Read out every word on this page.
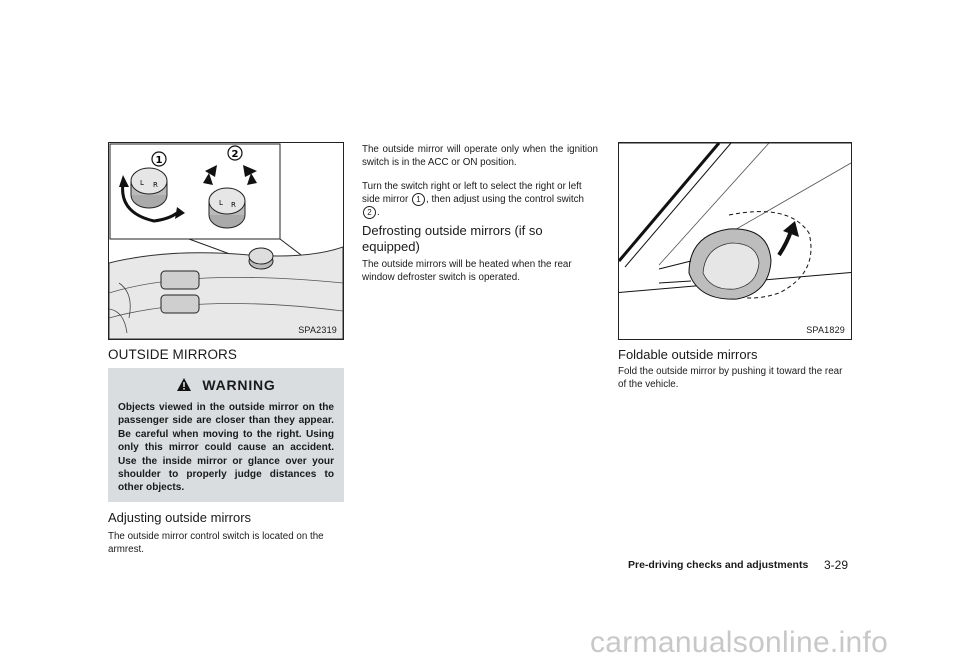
L R
L R
1
2
SPA2319
OUTSIDE MIRRORS
WARNING
Objects viewed in the outside mirror on the passenger side are closer than they appear. Be careful when moving to the right. Using only this mirror could cause an accident. Use the inside mirror or glance over your shoulder to properly judge distances to other objects.
Adjusting outside mirrors
The outside mirror control switch is located on the armrest.
The outside mirror will operate only when the ignition switch is in the ACC or ON position.
Turn the switch right or left to select the right or left side mirror 1 , then adjust using the control switch 2 .
Defrosting outside mirrors (if so equipped)
The outside mirrors will be heated when the rear window defroster switch is operated.
SPA1829
Foldable outside mirrors
Fold the outside mirror by pushing it toward the rear of the vehicle.
Pre-driving checks and adjustments 3-29
carmanualsonline.info
